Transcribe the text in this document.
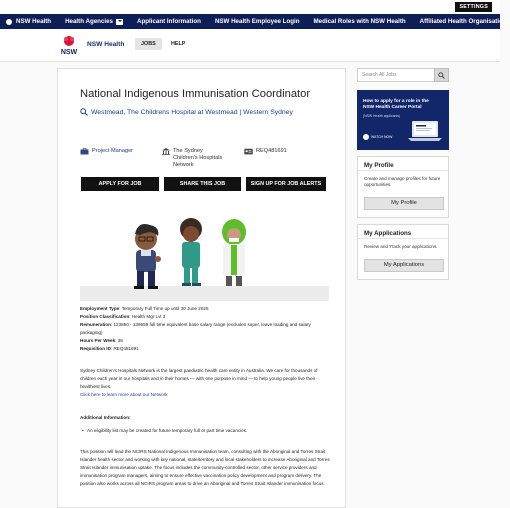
SETTINGS
NSW Health Health Agencies	Applicant Information NSW Health Employee Login Medical Roles with NSW Health Affiliated Health Organisations
NSW
NSW Health	JOBS	HELP
National Indigenous Immunisation Coordinator
Westmead, The Childrens Hospital at Westmead | Western Sydney
Project Manager	The Sydney Children's Hospitals Network
REQ481691
APPLY FOR JOB	SHARE THIS JOB	SIGN UP FOR JOB ALERTS
Employment Type: Temporary Full Time up until 30 June 2025
Position Classification: Health Mgr Lvl 3
Remuneration: 123850 - 139559 full time equivalent base salary range (excludes super, leave loading and salary packaging)
Hours Per Week: 38
Requisition ID: REQ481691
Sydney Children's Hospitals Network is the largest paediatric health care entity in Australia. We care for thousands of children each year in our hospitals and in their homes — with one purpose in mind — to help young people live their healthiest lives.
Click here to learn more about our Network
Additional Information:
• An eligibility list may be created for future temporary full or part time vacancies.
This position will lead the NCIRS National Indigenous Immunisation team, consulting with the Aboriginal and Torres Strait Islander health sector and working with key national, state/territory and local stakeholders to increase Aboriginal and Torres Strait Islander immunisation uptake. The focus includes the community-controlled sector, other service providers and immunisation program managers, aiming to ensure effective vaccination policy development and program delivery. The position also works across all NCIRS program areas to drive an Aboriginal and Torres Strait Islander immunisation focus.
Search All Jobs
How to apply for a role in the NSW Health Career Portal
(NSW Health applicants)
WATCH NOW
My Profile
Create and manage profiles for future opportunities.
My Profile
My Applications
Review and Track your applications.
My Applications
